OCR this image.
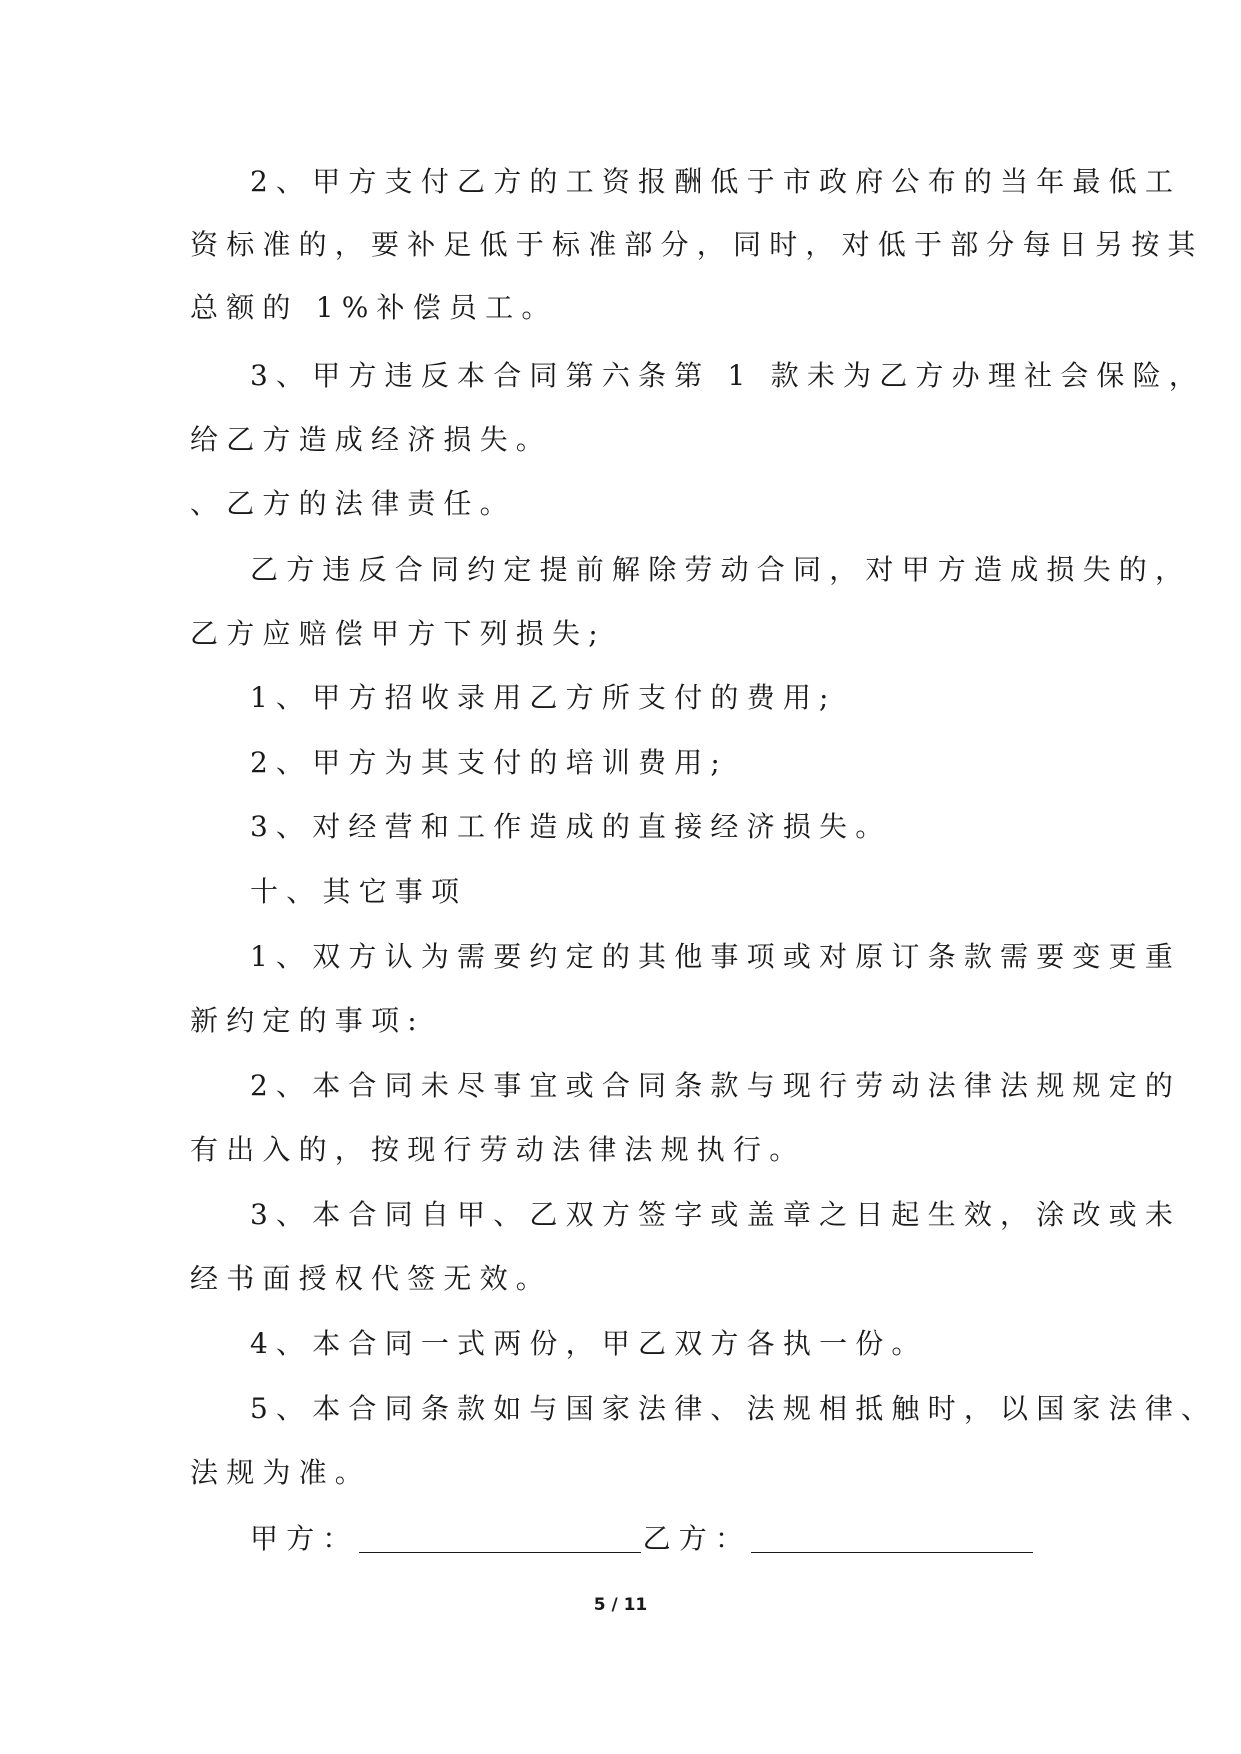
2、甲方支付乙方的工资报酬低于市政府公布的当年最低工
资标准的，要补足低于标准部分，同时，对低于部分每日另按其
总额的 1%补偿员工。
3、甲方违反本合同第六条第 1 款未为乙方办理社会保险，
给乙方造成经济损失。
、乙方的法律责任。
乙方违反合同约定提前解除劳动合同，对甲方造成损失的，
乙方应赔偿甲方下列损失;
1、甲方招收录用乙方所支付的费用;
2、甲方为其支付的培训费用;
3、对经营和工作造成的直接经济损失。
十、其它事项
1、双方认为需要约定的其他事项或对原订条款需要变更重
新约定的事项:
2、本合同未尽事宜或合同条款与现行劳动法律法规规定的
有出入的，按现行劳动法律法规执行。
3、本合同自甲、乙双方签字或盖章之日起生效，涂改或未
经书面授权代签无效。
4、本合同一式两份，甲乙双方各执一份。
5、本合同条款如与国家法律、法规相抵触时，以国家法律、
法规为准。
甲方：	乙方：
5 / 11
